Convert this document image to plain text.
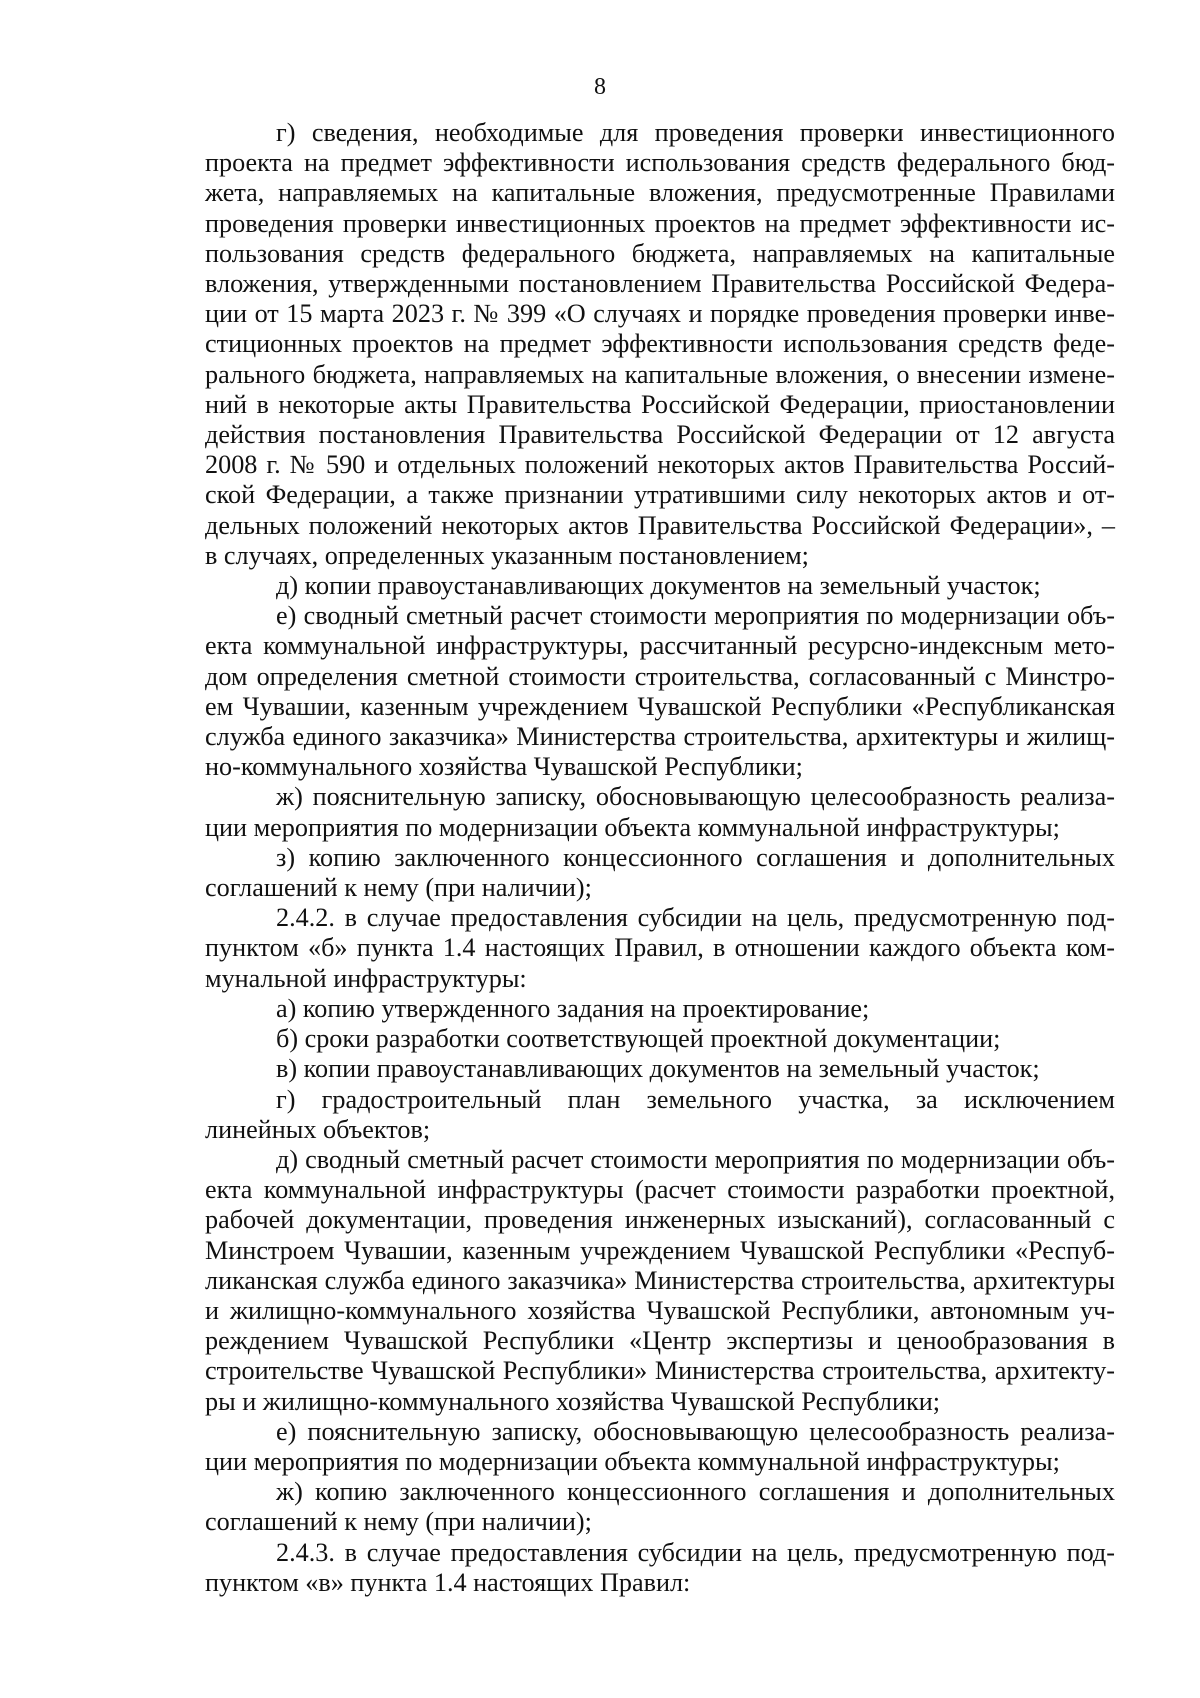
8

г) сведения, необходимые для проведения проверки инвестиционного проекта на предмет эффективности использования средств федерального бюджета, направляемых на капитальные вложения, предусмотренные Правилами проведения проверки инвестиционных проектов на предмет эффективности использования средств федерального бюджета, направляемых на капитальные вложения, утвержденными постановлением Правительства Российской Федерации от 15 марта 2023 г. № 399 «О случаях и порядке проведения проверки инвестиционных проектов на предмет эффективности использования средств федерального бюджета, направляемых на капитальные вложения, о внесении изменений в некоторые акты Правительства Российской Федерации, приостановлении действия постановления Правительства Российской Федерации от 12 августа 2008 г. № 590 и отдельных положений некоторых актов Правительства Российской Федерации, а также признании утратившими силу некоторых актов и отдельных положений некоторых актов Правительства Российской Федерации», – в случаях, определенных указанным постановлением;

д) копии правоустанавливающих документов на земельный участок;

е) сводный сметный расчет стоимости мероприятия по модернизации объекта коммунальной инфраструктуры, рассчитанный ресурсно-индексным методом определения сметной стоимости строительства, согласованный с Минстроем Чувашии, казенным учреждением Чувашской Республики «Республиканская служба единого заказчика» Министерства строительства, архитектуры и жилищно-коммунального хозяйства Чувашской Республики;

ж) пояснительную записку, обосновывающую целесообразность реализации мероприятия по модернизации объекта коммунальной инфраструктуры;

з) копию заключенного концессионного соглашения и дополнительных соглашений к нему (при наличии);

2.4.2. в случае предоставления субсидии на цель, предусмотренную подпунктом «б» пункта 1.4 настоящих Правил, в отношении каждого объекта коммунальной инфраструктуры:

а) копию утвержденного задания на проектирование;

б) сроки разработки соответствующей проектной документации;

в) копии правоустанавливающих документов на земельный участок;

г) градостроительный план земельного участка, за исключением линейных объектов;

д) сводный сметный расчет стоимости мероприятия по модернизации объекта коммунальной инфраструктуры (расчет стоимости разработки проектной, рабочей документации, проведения инженерных изысканий), согласованный с Минстроем Чувашии, казенным учреждением Чувашской Республики «Республиканская служба единого заказчика» Министерства строительства, архитектуры и жилищно-коммунального хозяйства Чувашской Республики, автономным учреждением Чувашской Республики «Центр экспертизы и ценообразования в строительстве Чувашской Республики» Министерства строительства, архитектуры и жилищно-коммунального хозяйства Чувашской Республики;

е) пояснительную записку, обосновывающую целесообразность реализации мероприятия по модернизации объекта коммунальной инфраструктуры;

ж) копию заключенного концессионного соглашения и дополнительных соглашений к нему (при наличии);

2.4.3. в случае предоставления субсидии на цель, предусмотренную подпунктом «в» пункта 1.4 настоящих Правил:
